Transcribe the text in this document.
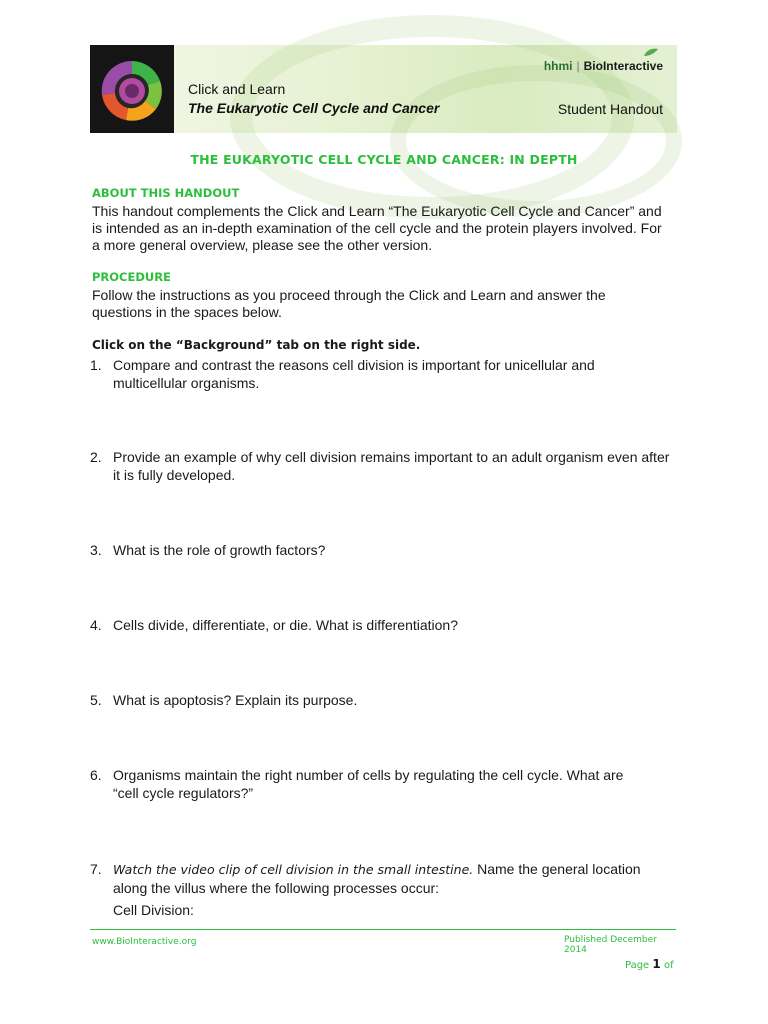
Click and Learn
The Eukaryotic Cell Cycle and Cancer
hhmi | BioInteractive
Student Handout
THE EUKARYOTIC CELL CYCLE AND CANCER: IN DEPTH
ABOUT THIS HANDOUT
This handout complements the Click and Learn “The Eukaryotic Cell Cycle and Cancer” and is intended as an in-depth examination of the cell cycle and the protein players involved. For a more general overview, please see the other version.
PROCEDURE
Follow the instructions as you proceed through the Click and Learn and answer the questions in the spaces below.
Click on the “Background” tab on the right side.
1. Compare and contrast the reasons cell division is important for unicellular and multicellular organisms.
2. Provide an example of why cell division remains important to an adult organism even after it is fully developed.
3. What is the role of growth factors?
4. Cells divide, differentiate, or die. What is differentiation?
5. What is apoptosis? Explain its purpose.
6. Organisms maintain the right number of cells by regulating the cell cycle. What are “cell cycle regulators?”
7. Watch the video clip of cell division in the small intestine. Name the general location along the villus where the following processes occur:
Cell Division:
www.BioInteractive.org	Published December 2014
Page 1 of
